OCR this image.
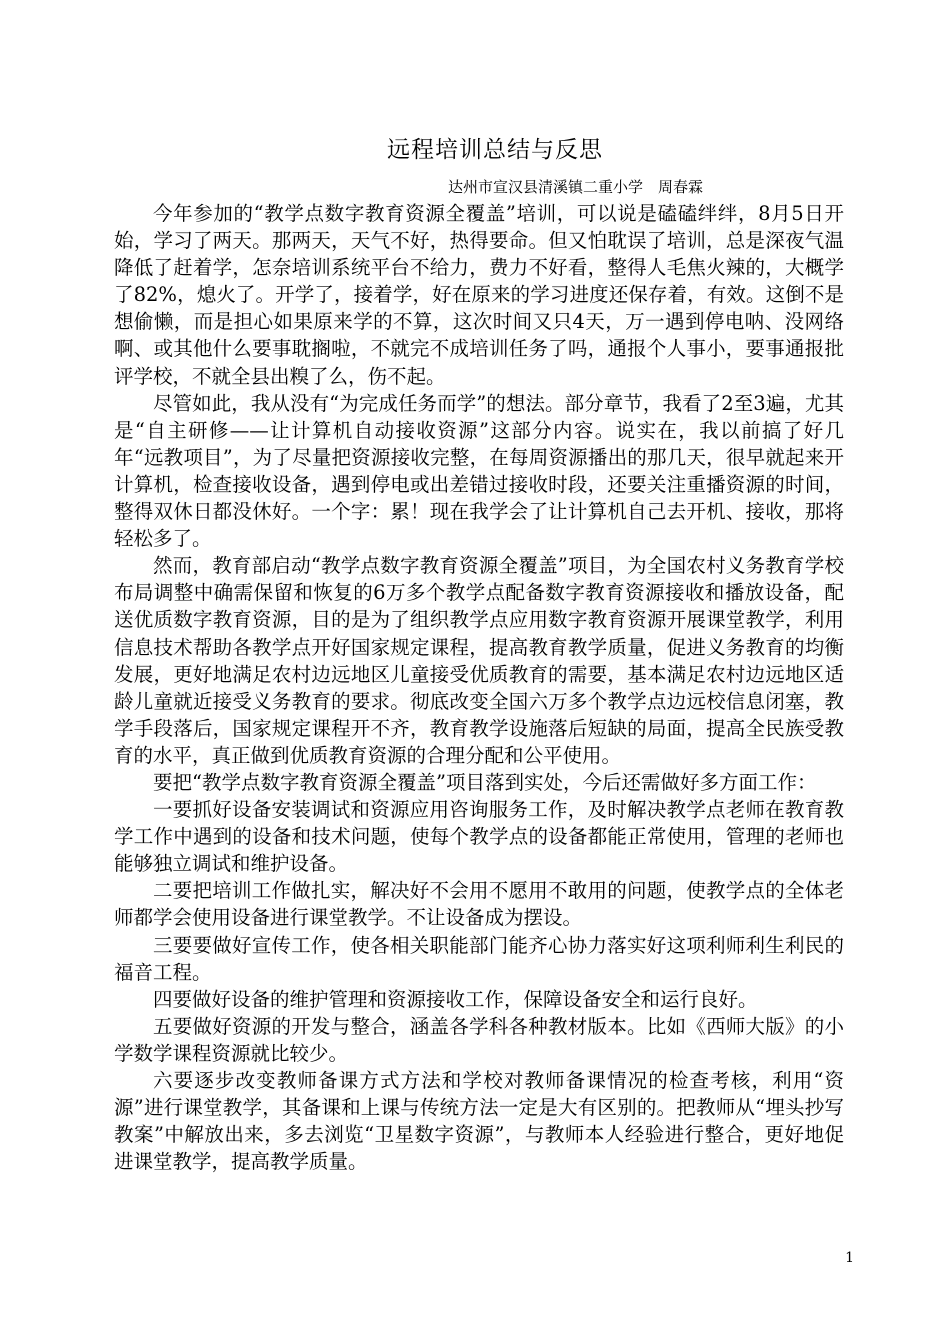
远程培训总结与反思
达州市宣汉县清溪镇二重小学　周春霖

今年参加的“教学点数字教育资源全覆盖”培训，可以说是磕磕绊绊，8月5日开始，学习了两天。那两天，天气不好，热得要命。但又怕耽误了培训，总是深夜气温降低了赶着学，怎奈培训系统平台不给力，费力不好看，整得人毛焦火辣的，大概学了82%，熄火了。开学了，接着学，好在原来的学习进度还保存着，有效。这倒不是想偷懒，而是担心如果原来学的不算，这次时间又只4天，万一遇到停电呐、没网络啊、或其他什么要事耽搁啦，不就完不成培训任务了吗，通报个人事小，要事通报批评学校，不就全县出糗了么，伤不起。

尽管如此，我从没有“为完成任务而学”的想法。部分章节，我看了2至3遍，尤其是“自主研修——让计算机自动接收资源”这部分内容。说实在，我以前搞了好几年“远教项目”，为了尽量把资源接收完整，在每周资源播出的那几天，很早就起来开计算机，检查接收设备，遇到停电或出差错过接收时段，还要关注重播资源的时间，整得双休日都没休好。一个字：累！现在我学会了让计算机自己去开机、接收，那将轻松多了。

然而，教育部启动“教学点数字教育资源全覆盖”项目，为全国农村义务教育学校布局调整中确需保留和恢复的6万多个教学点配备数字教育资源接收和播放设备，配送优质数字教育资源，目的是为了组织教学点应用数字教育资源开展课堂教学，利用信息技术帮助各教学点开好国家规定课程，提高教育教学质量，促进义务教育的均衡发展，更好地满足农村边远地区儿童接受优质教育的需要，基本满足农村边远地区适龄儿童就近接受义务教育的要求。彻底改变全国六万多个教学点边远校信息闭塞，教学手段落后，国家规定课程开不齐，教育教学设施落后短缺的局面，提高全民族受教育的水平，真正做到优质教育资源的合理分配和公平使用。

要把“教学点数字教育资源全覆盖”项目落到实处，今后还需做好多方面工作：

一要抓好设备安装调试和资源应用咨询服务工作，及时解决教学点老师在教育教学工作中遇到的设备和技术问题，使每个教学点的设备都能正常使用，管理的老师也能够独立调试和维护设备。

二要把培训工作做扎实，解决好不会用不愿用不敢用的问题，使教学点的全体老师都学会使用设备进行课堂教学。不让设备成为摆设。

三要要做好宣传工作，使各相关职能部门能齐心协力落实好这项利师利生利民的福音工程。

四要做好设备的维护管理和资源接收工作，保障设备安全和运行良好。

五要做好资源的开发与整合，涵盖各学科各种教材版本。比如《西师大版》的小学数学课程资源就比较少。

六要逐步改变教师备课方式方法和学校对教师备课情况的检查考核，利用“资源”进行课堂教学，其备课和上课与传统方法一定是大有区别的。把教师从“埋头抄写教案”中解放出来，多去浏览“卫星数字资源”，与教师本人经验进行整合，更好地促进课堂教学，提高教学质量。

1
